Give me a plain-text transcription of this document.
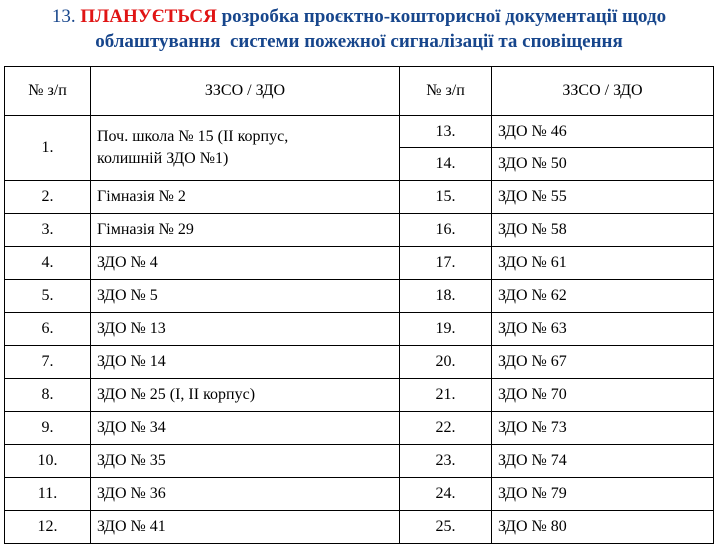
13. ПЛАНУЄТЬСЯ розробка проєктно-кошторисної документації щодо
облаштування  системи пожежної сигналізації та сповіщення
№ з/п	ЗЗСО / ЗДО	№ з/п	ЗЗСО / ЗДО
1.	Поч. школа № 15 (II корпус,
колишній ЗДО №1)	13.	ЗДО № 46
		14.	ЗДО № 50
2.	Гімназія № 2	15.	ЗДО № 55
3.	Гімназія № 29	16.	ЗДО № 58
4.	ЗДО № 4	17.	ЗДО № 61
5.	ЗДО № 5	18.	ЗДО № 62
6.	ЗДО № 13	19.	ЗДО № 63
7.	ЗДО № 14	20.	ЗДО № 67
8.	ЗДО № 25 (І, ІІ корпус)	21.	ЗДО № 70
9.	ЗДО № 34	22.	ЗДО № 73
10.	ЗДО № 35	23.	ЗДО № 74
11.	ЗДО № 36	24.	ЗДО № 79
12.	ЗДО № 41	25.	ЗДО № 80
